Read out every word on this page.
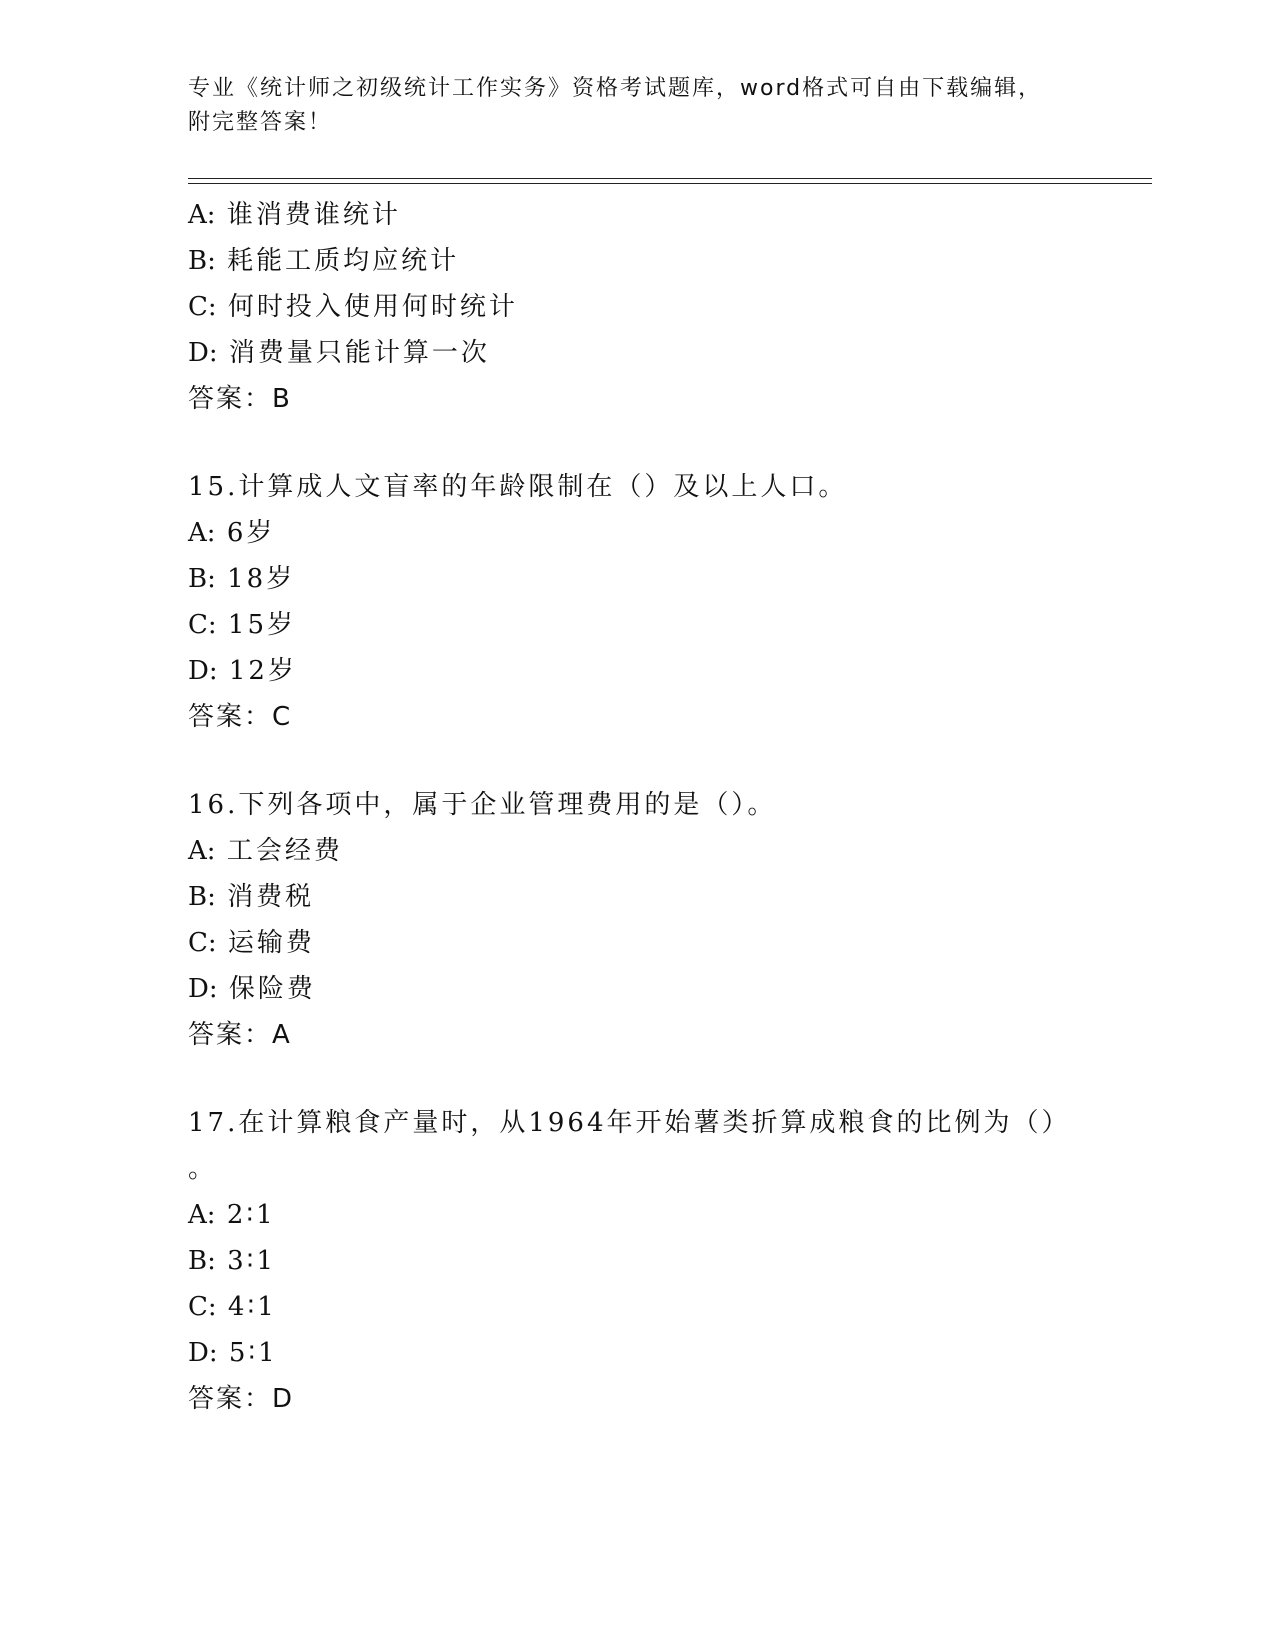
专业《统计师之初级统计工作实务》资格考试题库，word格式可自由下载编辑，
附完整答案！
A: 谁消费谁统计
B: 耗能工质均应统计
C: 何时投入使用何时统计
D: 消费量只能计算一次
答案：B
15.计算成人文盲率的年龄限制在（）及以上人口。
A: 6岁
B: 18岁
C: 15岁
D: 12岁
答案：C
16.下列各项中，属于企业管理费用的是（）。
A: 工会经费
B: 消费税
C: 运输费
D: 保险费
答案：A
17.在计算粮食产量时，从1964年开始薯类折算成粮食的比例为（）
。
A: 2∶1
B: 3∶1
C: 4∶1
D: 5∶1
答案：D
